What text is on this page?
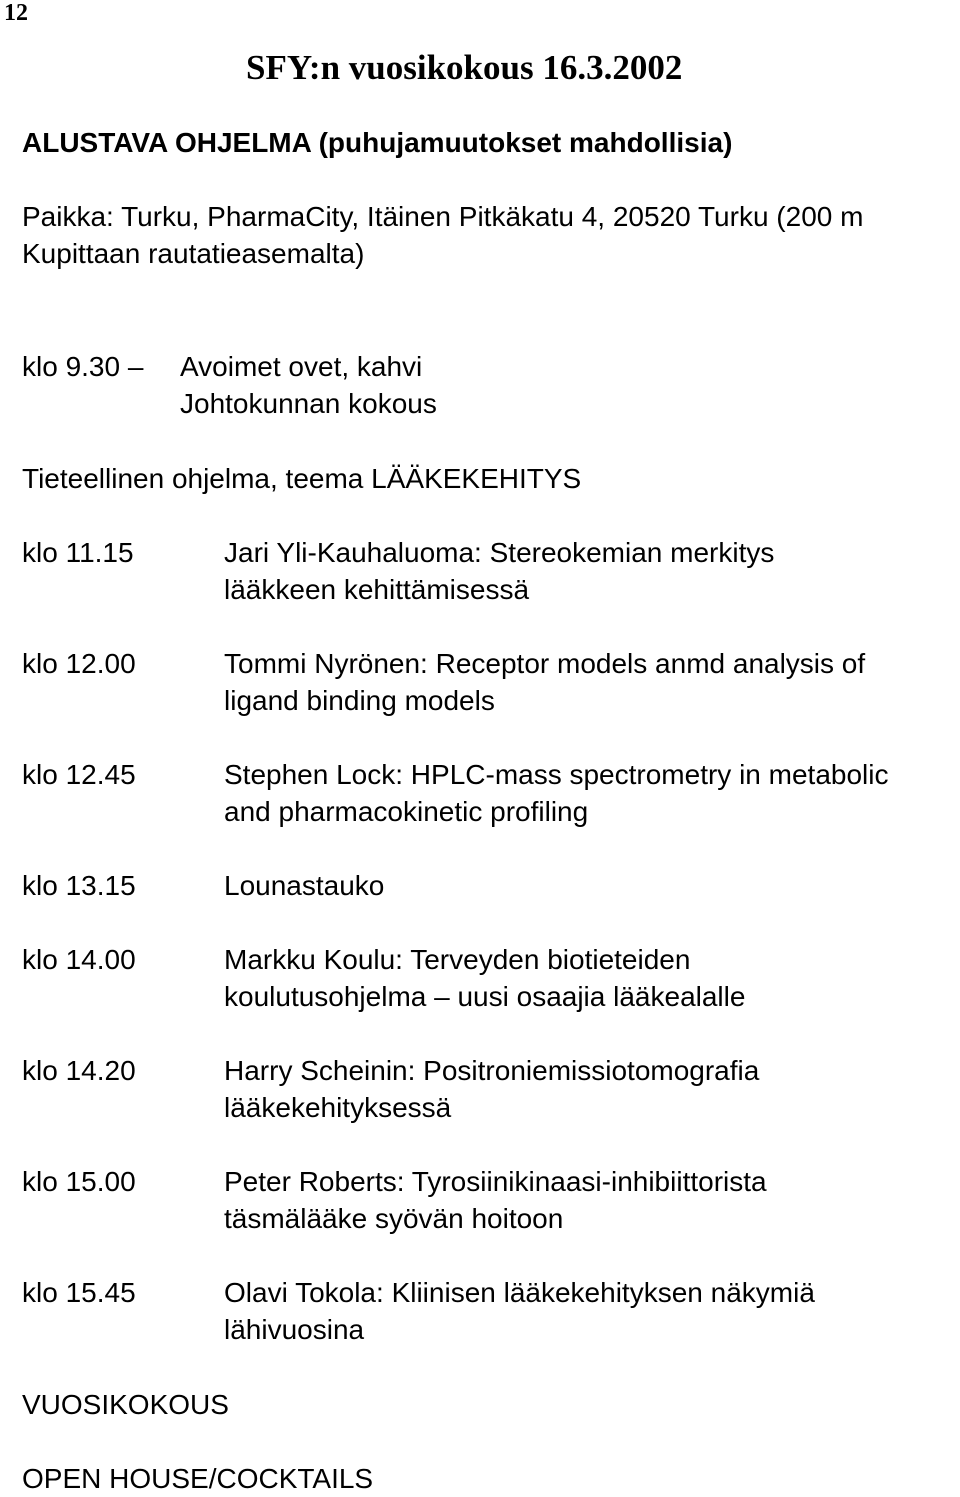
12
SFY:n vuosikokous 16.3.2002
ALUSTAVA OHJELMA (puhujamuutokset mahdollisia)
Paikka: Turku, PharmaCity, Itäinen Pitkäkatu 4, 20520 Turku (200 m
Kupittaan rautatieasemalta)
klo 9.30 – Avoimet ovet, kahvi
Johtokunnan kokous
Tieteellinen ohjelma, teema LÄÄKEKEHITYS
klo 11.15	Jari Yli-Kauhaluoma: Stereokemian merkitys
lääkkeen kehittämisessä
klo 12.00	Tommi Nyrönen: Receptor models anmd analysis of
ligand binding models
klo 12.45	Stephen Lock: HPLC-mass spectrometry in metabolic
and pharmacokinetic profiling
klo 13.15	Lounastauko
klo 14.00	Markku Koulu: Terveyden biotieteiden
koulutusohjelma – uusi osaajia lääkealalle
klo 14.20	Harry Scheinin: Positroniemissiotomografia
lääkekehityksessä
klo 15.00	Peter Roberts: Tyrosiinikinaasi-inhibiittorista
täsmälääke syövän hoitoon
klo 15.45	Olavi Tokola: Kliinisen lääkekehityksen näkymiä
lähivuosina
VUOSIKOKOUS
OPEN HOUSE/COCKTAILS
